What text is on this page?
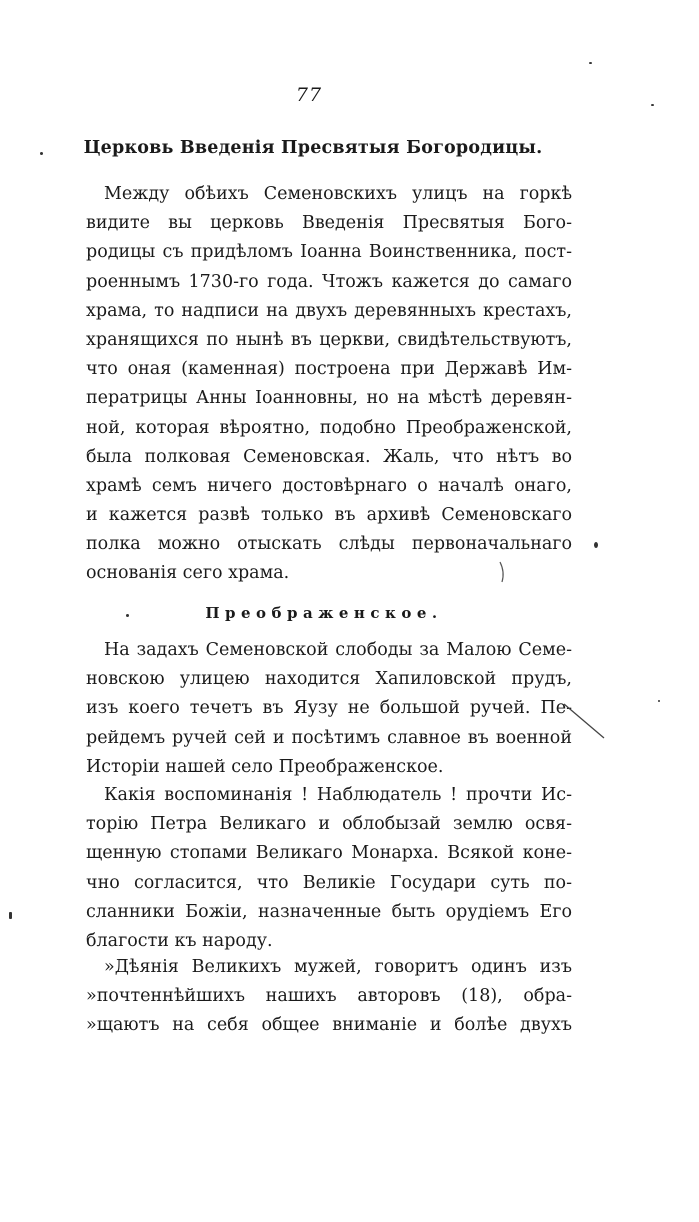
77
Церковь Введенія Пресвятыя Богородицы.
Между обѣихъ Семеновскихъ улицъ на горкѣ
видите вы церковь Введенія Пресвятыя Бого-
родицы съ придѣломъ Іоанна Воинственника, пост-
роеннымъ 1730-го года. Чтожъ кажется до самаго
храма, то надписи на двухъ деревянныхъ крестахъ,
хранящихся по нынѣ въ церкви, свидѣтельствуютъ,
что оная (каменная) построена при Державѣ Им-
ператрицы Анны Іоанновны, но на мѣстѣ деревян-
ной, которая вѣроятно, подобно Преображенской,
была полковая Семеновская. Жаль, что нѣтъ во
храмѣ семъ ничего достовѣрнаго о началѣ онаго,
и кажется развѣ только въ архивѣ Семеновскаго
полка можно отыскать слѣды первоначальнаго
основанія сего храма.
Преображенское.
На задахъ Семеновской слободы за Малою Семе-
новскою улицею находится Хапиловской прудъ,
изъ коего течетъ въ Яузу не большой ручей. Пе-
рейдемъ ручей сей и посѣтимъ славное въ военной
Исторіи нашей село Преображенское.
Какія воспоминанія ! Наблюдатель ! прочти Ис-
торію Петра Великаго и облобызай землю освя-
щенную стопами Великаго Монарха. Всякой коне-
чно согласится, что Великіе Государи суть по-
сланники Божіи, назначенные быть орудіемъ Его
благости къ народу.
»Дѣянія Великихъ мужей, говоритъ одинъ изъ
»почтеннѣйшихъ нашихъ авторовъ (18), обра-
»щаютъ на себя общее вниманіе и болѣе двухъ
